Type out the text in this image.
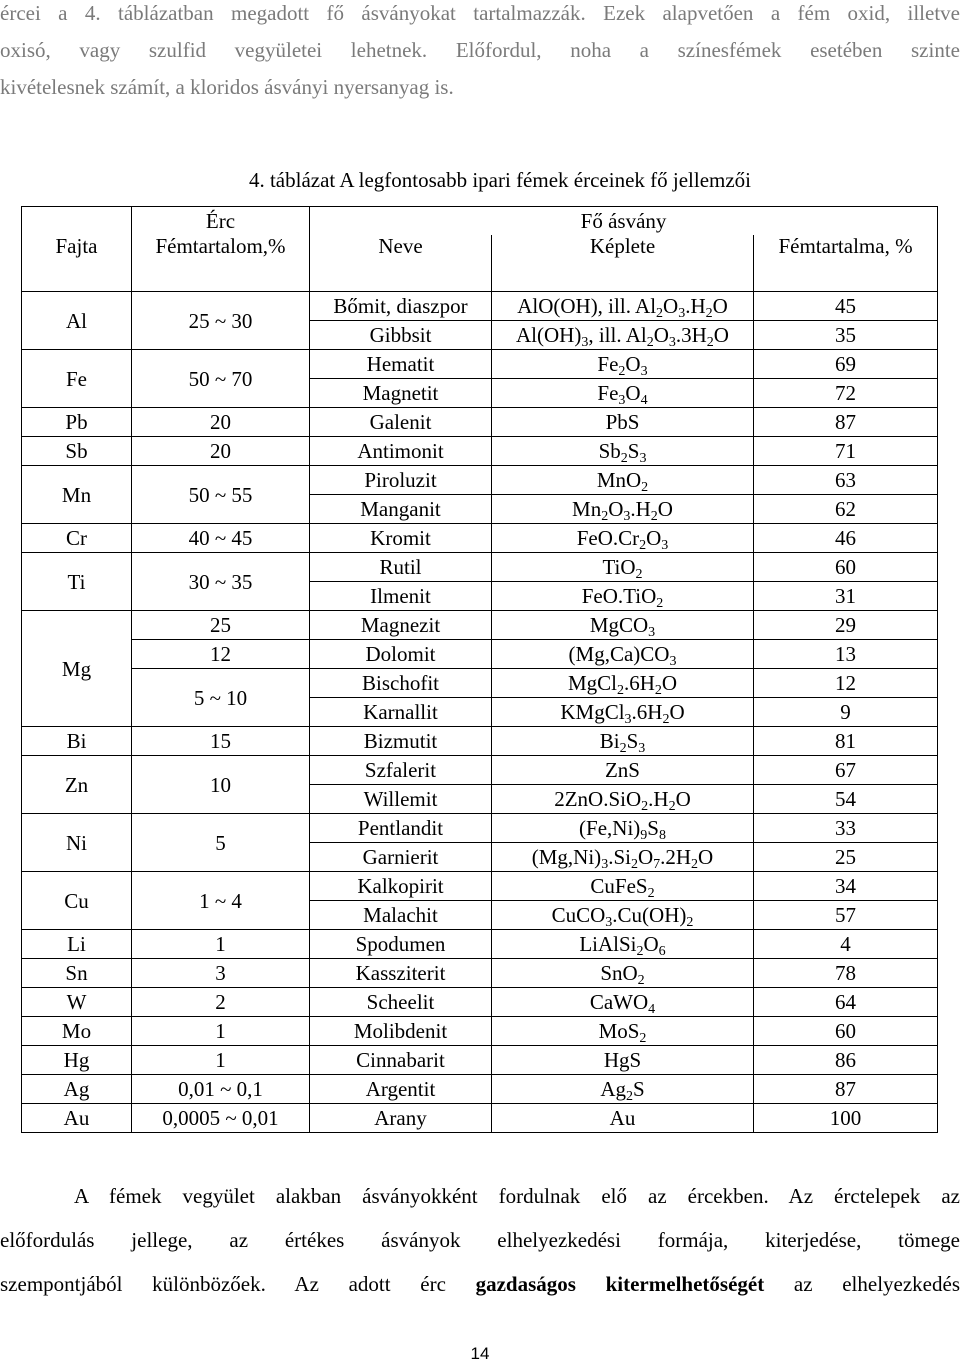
ércei a 4. táblázatban megadott fő ásványokat tartalmazzák. Ezek alapvetően a fém oxid, illetve
oxisó, vagy szulfid vegyületei lehetnek. Előfordul, noha a színesfémek esetében szinte
kivételesnek számít, a kloridos ásványi nyersanyag is.
4. táblázat A legfontosabb ipari fémek érceinek fő jellemzői
	Érc	Fő ásvány		
Fajta	Fémtartalom,%	Neve	Képlete	Fémtartalma, %
Al	25 ~ 30	Bőmit, diaszpor	AlO(OH), ill. $Al_2O_3.H_2O$	45
		Gibbsit	$Al(OH)_3$, ill. $Al_2O_3.3H_2O$	35
Fe	50 ~ 70	Hematit	$Fe_2O_3$	69
		Magnetit	$Fe_3O_4$	72
Pb	20	Galenit	PbS	87
Sb	20	Antimonit	$Sb_2S_3$	71
Mn	50 ~ 55	Piroluzit	MnO$_2$	63
		Manganit	$Mn_2O_3.H_2O$	62
Cr	40 ~ 45	Kromit	$FeO.Cr_2O_3$	46
Ti	30 ~ 35	Rutil	TiO$_2$	60
		Ilmenit	FeO.TiO$_2$	31
Mg	25	Magnezit	MgCO$_3$	29
	12	Dolomit	$(Mg,Ca)CO_3$	13
	5 ~ 10	Bischofit	$MgCl_2.6H_2O$	12
		Karnallit	$KMgCl_3.6H_2O$	9
Bi	15	Bizmutit	$Bi_2S_3$	81
Zn	10	Szfalerit	ZnS	67
		Willemit	$2ZnO.SiO_2.H_2O$	54
Ni	5	Pentlandit	$(Fe,Ni)_9S_8$	33
		Garnierit	$(Mg,Ni)_3.Si_2O_7.2H_2O$	25
Cu	1 ~ 4	Kalkopirit	CuFeS$_2$	34
		Malachit	$CuCO_3.Cu(OH)_2$	57
Li	1	Spodumen	$LiAlSi_2O_6$	4
Sn	3	Kassziterit	SnO$_2$	78
W	2	Scheelit	CaWO$_4$	64
Mo	1	Molibdenit	MoS$_2$	60
Hg	1	Cinnabarit	HgS	86
Ag	0,01 ~ 0,1	Argentit	$Ag_2S$	87
Au	0,0005 ~ 0,01	Arany	Au	100
A fémek vegyület alakban ásványokként fordulnak elő az ércekben. Az érctelepek az
előfordulás jellege, az értékes ásványok elhelyezkedési formája, kiterjedése, tömege
szempontjából különbözőek. Az adott érc gazdaságos kitermelhetőségét az elhelyezkedés
14
